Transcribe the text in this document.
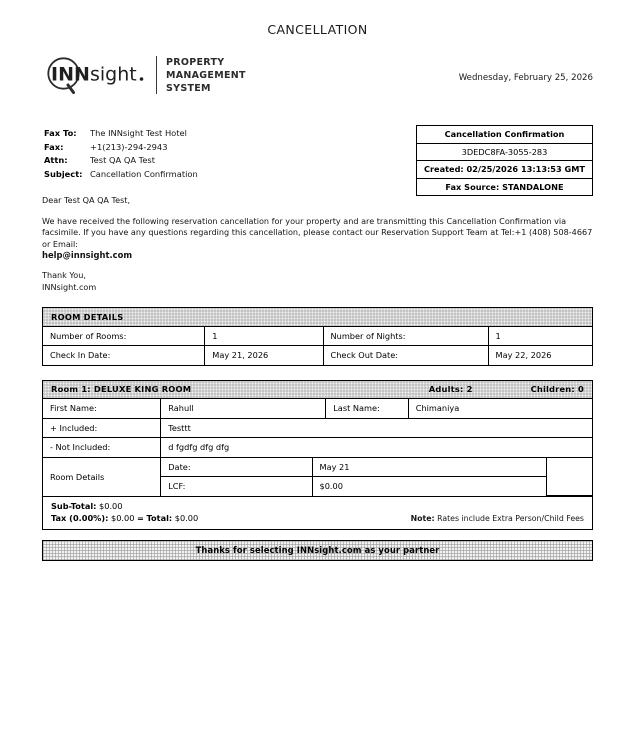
CANCELLATION
INN sight
PROPERTY
MANAGEMENT
SYSTEM
Wednesday, February 25, 2026
Fax To:	The INNsight Test Hotel
Fax:	+1(213)-294-2943
Attn:	Test QA QA Test
Subject: Cancellation Confirmation
Cancellation Confirmation
3DEDC8FA-3055-283
Created: 02/25/2026 13:13:53 GMT
Fax Source: STANDALONE

Dear Test QA QA Test,

We have received the following reservation cancellation for your property and are transmitting this Cancellation Confirmation via facsimile. If you have any questions regarding this cancellation, please contact our Reservation Support Team at Tel:+1 (408) 508-4667 or Email:

help@innsight.com

Thank You,

INNsight.com

ROOM DETAILS			
Number of Rooms:	1	Number of Nights:	1
Check In Date:	May 21, 2026	Check Out Date:	May 22, 2026
Room 1: DELUXE KING ROOM	Adults: 2	Children: 0

First Name:	Rahull	Last Name:	Chimaniya
+ Included:	Testtt
- Not Included:	d fgdfg dfg dfg
Room Details	
Date:	May 21	
LCF:	$0.00

Sub-Total: $0.00
Tax (0.00%): $0.00 = Total: $0.00	Note: Rates include Extra Person/Child Fees
Thanks for selecting INNsight.com as your partner
